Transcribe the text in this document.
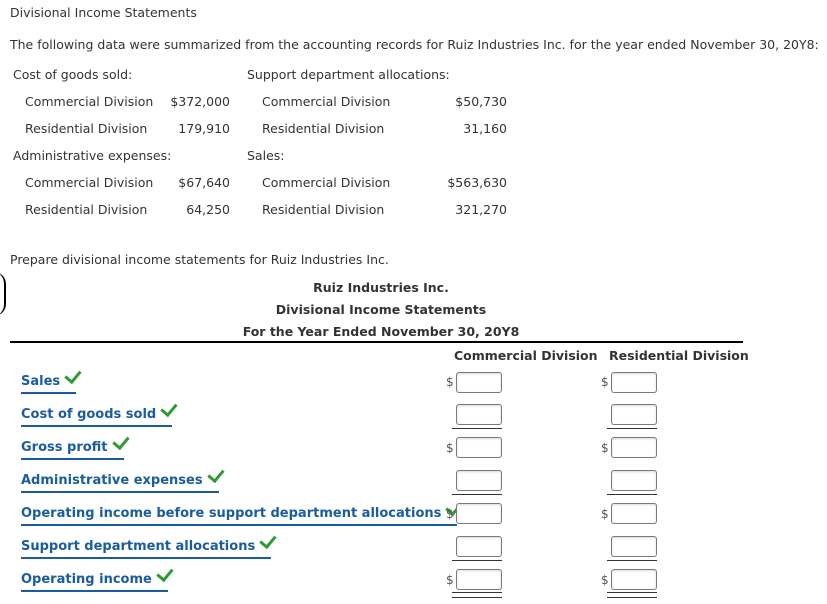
Divisional Income Statements
The following data were summarized from the accounting records for Ruiz Industries Inc. for the year ended November 30, 20Y8:
Cost of goods sold:
Commercial Division	$372,000
Residential Division	179,910
Administrative expenses:
Commercial Division	$67,640
Residential Division	64,250
Support department allocations:
Commercial Division	$50,730
Residential Division	31,160
Sales:
Commercial Division	$563,630
Residential Division	321,270
Prepare divisional income statements for Ruiz Industries Inc.
Ruiz Industries Inc.
Divisional Income Statements
For the Year Ended November 30, 20Y8
Commercial Division Residential Division
Sales	$	$
Cost of goods sold
Gross profit	$	$
Administrative expenses
Operating income before support department allocations $	$
Support department allocations
Operating income	$	$
